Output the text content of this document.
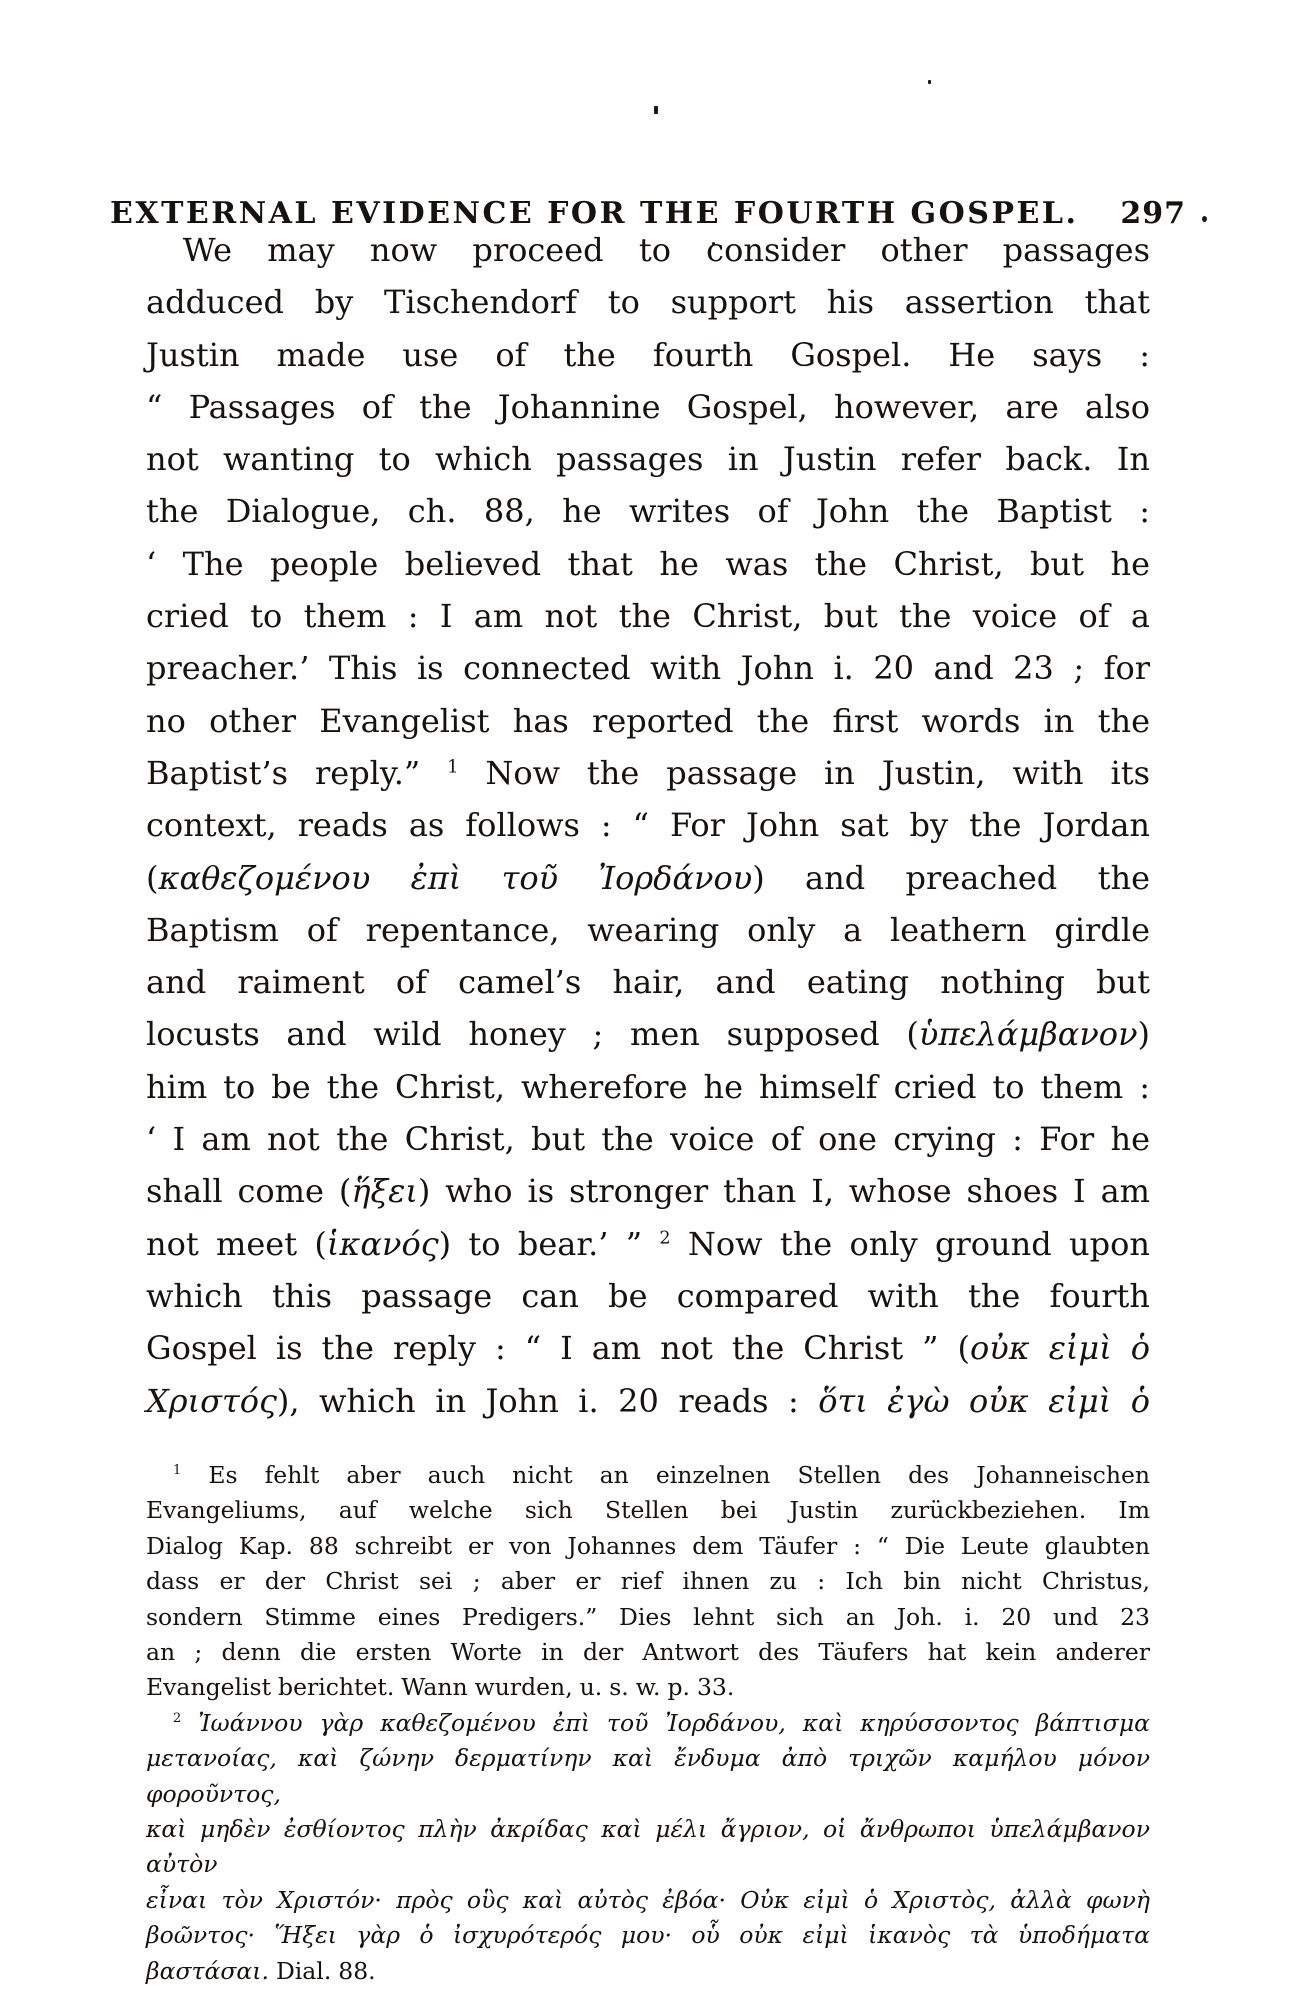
EXTERNAL EVIDENCE FOR THE FOURTH GOSPEL. 297
We may now proceed to consider other passages
adduced by Tischendorf to support his assertion that
Justin made use of the fourth Gospel. He says :
“ Passages of the Johannine Gospel, however, are also
not wanting to which passages in Justin refer back. In
the Dialogue, ch. 88, he writes of John the Baptist :
‘ The people believed that he was the Christ, but he
cried to them : I am not the Christ, but the voice of a
preacher.’ This is connected with John i. 20 and 23 ; for
no other Evangelist has reported the first words in the
Baptist’s reply.” $^1$ Now the passage in Justin, with its
context, reads as follows : “ For John sat by the Jordan
(καθεζομένου ἐπὶ τοῦ Ἰορδάνου) and preached the
Baptism of repentance, wearing only a leathern girdle
and raiment of camel’s hair, and eating nothing but
locusts and wild honey ; men supposed (ὑπελάμβανον)
him to be the Christ, wherefore he himself cried to them :
‘ I am not the Christ, but the voice of one crying : For he
shall come (ἥξει) who is stronger than I, whose shoes I am
not meet (ἱκανός) to bear.’ ” $^2$ Now the only ground upon
which this passage can be compared with the fourth
Gospel is the reply : “ I am not the Christ ” (οὐκ εἰμὶ ὁ
Χριστός), which in John i. 20 reads : ὅτι ἐγὼ οὐκ εἰμὶ ὁ
$^1$ Es fehlt aber auch nicht an einzelnen Stellen des Johanneischen
Evangeliums, auf welche sich Stellen bei Justin zurückbeziehen. Im
Dialog Kap. 88 schreibt er von Johannes dem Täufer : “ Die Leute glaubten
dass er der Christ sei ; aber er rief ihnen zu : Ich bin nicht Christus,
sondern Stimme eines Predigers.” Dies lehnt sich an Joh. i. 20 und 23
an ; denn die ersten Worte in der Antwort des Täufers hat kein anderer
Evangelist berichtet. Wann wurden, u. s. w. p. 33.
$^2$ Ἰωάννου γὰρ καθεζομένου ἐπὶ τοῦ Ἰορδάνου, καὶ κηρύσσοντος βάπτισμα
μετανοίας, καὶ ζώνην δερματίνην καὶ ἔνδυμα ἀπὸ τριχῶν καμήλου μόνον φοροῦντος,
καὶ μηδὲν ἐσθίοντος πλὴν ἀκρίδας καὶ μέλι ἄγριον, οἱ ἄνθρωποι ὑπελάμβανον αὐτὸν
εἶναι τὸν Χριστόν· πρὸς οὓς καὶ αὐτὸς ἐβόα· Οὐκ εἰμὶ ὁ Χριστὸς, ἀλλὰ φωνὴ
βοῶντος· Ἥξει γὰρ ὁ ἰσχυρότερός μου· οὗ οὐκ εἰμὶ ἱκανὸς τὰ ὑποδήματα
βαστάσαι. Dial. 88.
